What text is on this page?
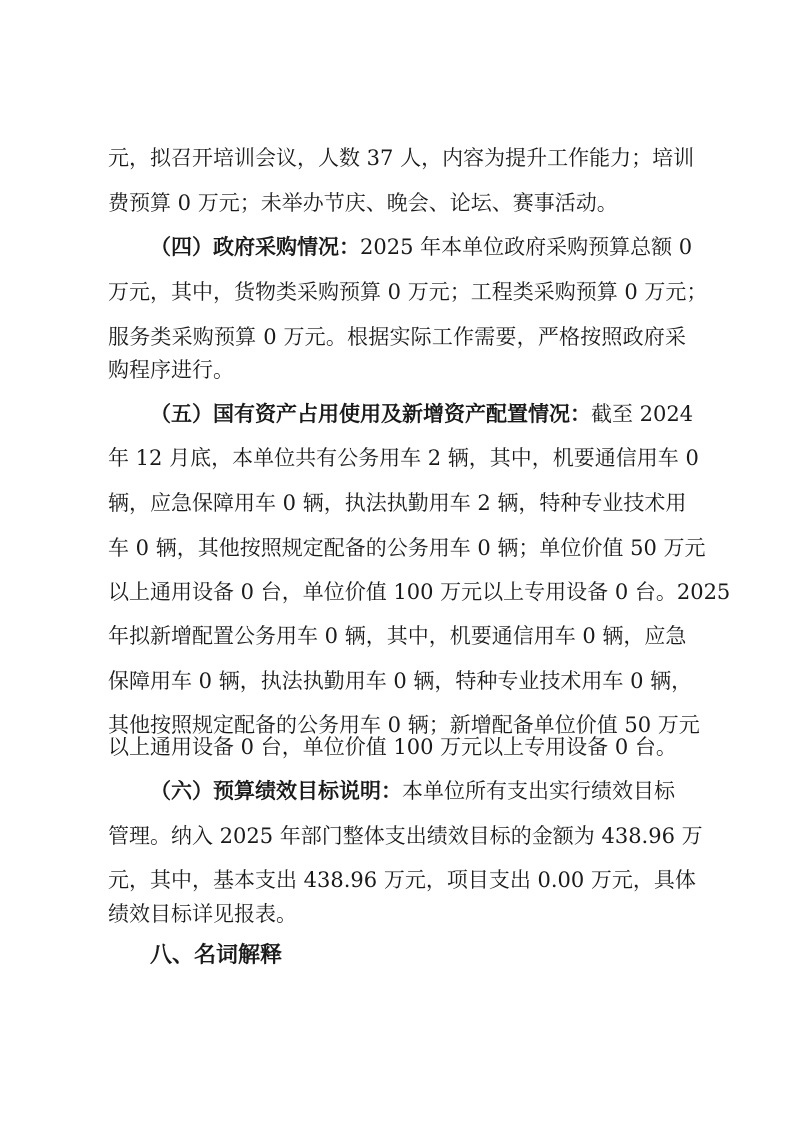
元，拟召开培训会议，人数 37 人，内容为提升工作能力；培训
费预算 0 万元；未举办节庆、晚会、论坛、赛事活动。
（四）政府采购情况：2025 年本单位政府采购预算总额 0
万元，其中，货物类采购预算 0 万元；工程类采购预算 0 万元；
服务类采购预算 0 万元。根据实际工作需要，严格按照政府采
购程序进行。
（五）国有资产占用使用及新增资产配置情况：截至 2024
年 12 月底，本单位共有公务用车 2 辆，其中，机要通信用车 0
辆，应急保障用车 0 辆，执法执勤用车 2 辆，特种专业技术用
车 0 辆，其他按照规定配备的公务用车 0 辆；单位价值 50 万元
以上通用设备 0 台，单位价值 100 万元以上专用设备 0 台。2025
年拟新增配置公务用车 0 辆，其中，机要通信用车 0 辆，应急
保障用车 0 辆，执法执勤用车 0 辆，特种专业技术用车 0 辆，
其他按照规定配备的公务用车 0 辆；新增配备单位价值 50 万元
以上通用设备 0 台，单位价值 100 万元以上专用设备 0 台。
（六）预算绩效目标说明：本单位所有支出实行绩效目标
管理。纳入 2025 年部门整体支出绩效目标的金额为 438.96 万
元，其中，基本支出 438.96 万元，项目支出 0.00 万元，具体
绩效目标详见报表。
八、名词解释
